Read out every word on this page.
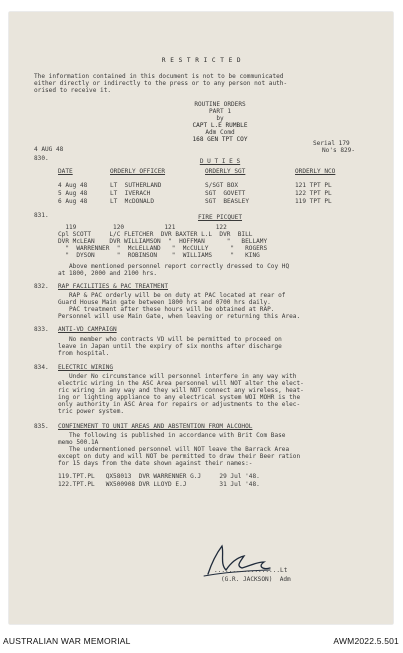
R E S T R I C T E D
The information contained in this document is not to be communicated
either directly or indirectly to the press or to any person not auth-
orised to receive it.
ROUTINE ORDERS
PART 1
by
CAPT L.E RUMBLE
Adm Comd
168 GEN TPT COY
4 AUG 48
Serial 179
No's 829-
830.	D U T I E S
DATE	ORDERLY OFFICER	ORDERLY SGT	ORDERLY NCO
4 Aug 48	LT  SUTHERLAND	S/SGT BOX	121 TPT PL
5 Aug 48	LT  IVERACH	SGT  GOVETT	122 TPT PL
6 Aug 48	LT  McDONALD	SGT  BEASLEY	119 TPT PL
831.	FIRE PICQUET
119          120           121           122
Cpl SCOTT     L/C FLETCHER  DVR BAXTER L.L  DVR  BILL
DVR McLEAN    DVR WILLIAMSON  "  HOFFMAN      "   BELLAMY
"  WARRENNER  "  McLELLAND   "  McCULLY      "   ROGERS
"  DYSON      "  ROBINSON    "  WILLIAMS     "   KING
Above mentioned personnel report correctly dressed to Coy HQ
at 1800, 2000 and 2100 hrs.
832. RAP FACILITIES & PAC TREATMENT
RAP & PAC orderly will be on duty at PAC located at rear of
Guard House Main gate between 1800 hrs and 0700 hrs daily.
PAC treatment after these hours will be obtained at RAP.
Personnel will use Main Gate, when leaving or returning this Area.
833. ANTI-VD CAMPAIGN
No member who contracts VD will be permitted to proceed on
leave in Japan until the expiry of six months after discharge
from hospital.
834. ELECTRIC WIRING
Under No circumstance will personnel interfere in any way with
electric wiring in the ASC Area personnel will NOT alter the elect-
ric wiring in any way and they will NOT connect any wireless, heat-
ing or lighting appliance to any electrical system WOI MOHR is the
only authority in ASC Area for repairs or adjustments to the elec-
tric power system.
835. CONFINEMENT TO UNIT AREAS AND ABSTENTION FROM ALCOHOL
The following is published in accordance with Brit Com Base
memo 500.1A
The undermentioned personnel will NOT leave the Barrack Area
except on duty and will NOT be permitted to draw their Beer ration
for 15 days from the date shown against their names:-
119.TPT.PL   QX58013  DVR WARRENNER G.J     29 Jul '48.
122.TPT.PL   WX500908 DVR LLOYD E.J         31 Jul '48.
..................Lt
(G.R. JACKSON)  Adm
AUSTRALIAN WAR MEMORIAL	AWM2022.5.501
